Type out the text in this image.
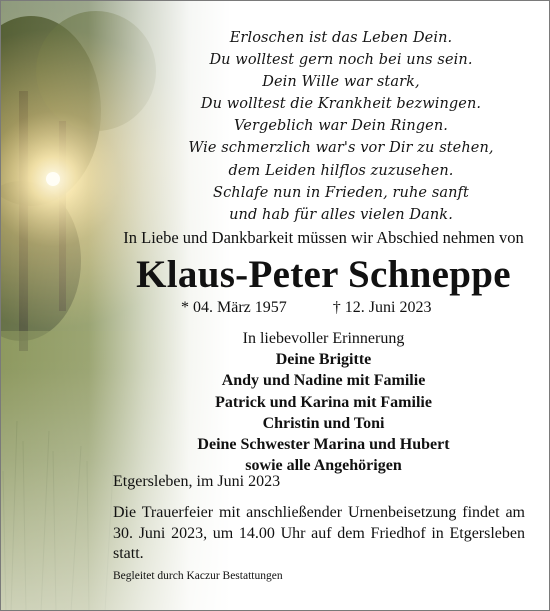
Erloschen ist das Leben Dein.
Du wolltest gern noch bei uns sein.
Dein Wille war stark,
Du wolltest die Krankheit bezwingen.
Vergeblich war Dein Ringen.
Wie schmerzlich war's vor Dir zu stehen,
dem Leiden hilflos zuzusehen.
Schlafe nun in Frieden, ruhe sanft
und hab für alles vielen Dank.
In Liebe und Dankbarkeit müssen wir Abschied nehmen von
Klaus-Peter Schneppe
* 04. März 1957	† 12. Juni 2023
In liebevoller Erinnerung
Deine Brigitte
Andy und Nadine mit Familie
Patrick und Karina mit Familie
Christin und Toni
Deine Schwester Marina und Hubert
sowie alle Angehörigen
Etgersleben, im Juni 2023
Die Trauerfeier mit anschließender Urnenbeisetzung findet am 30. Juni 2023, um 14.00 Uhr auf dem Friedhof in Etgersleben statt.
Begleitet durch Kaczur Bestattungen
